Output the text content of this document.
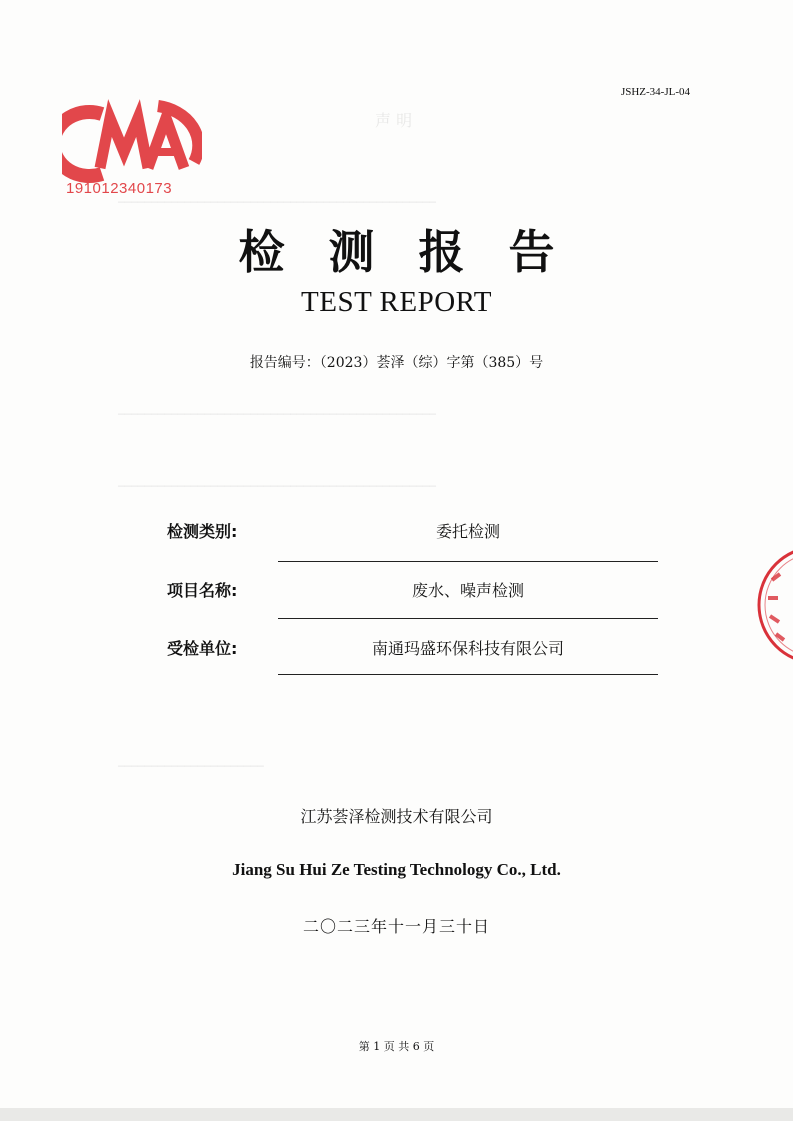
声 明
────────────────────────────────────────────────
────────────────────────────────────────────────
────────────────────────────────────────────────
──────────────────────
JSHZ-34-JL-04
191012340173
检测报告
TEST REPORT
报告编号：（2023）荟泽（综）字第（385）号
检测类别:	委托检测
项目名称:	废水、噪声检测
受检单位:	南通玛盛环保科技有限公司
江苏荟泽检测技术有限公司
Jiang Su Hui Ze Testing Technology Co., Ltd.
二〇二三年十一月三十日
第 1 页 共 6 页
